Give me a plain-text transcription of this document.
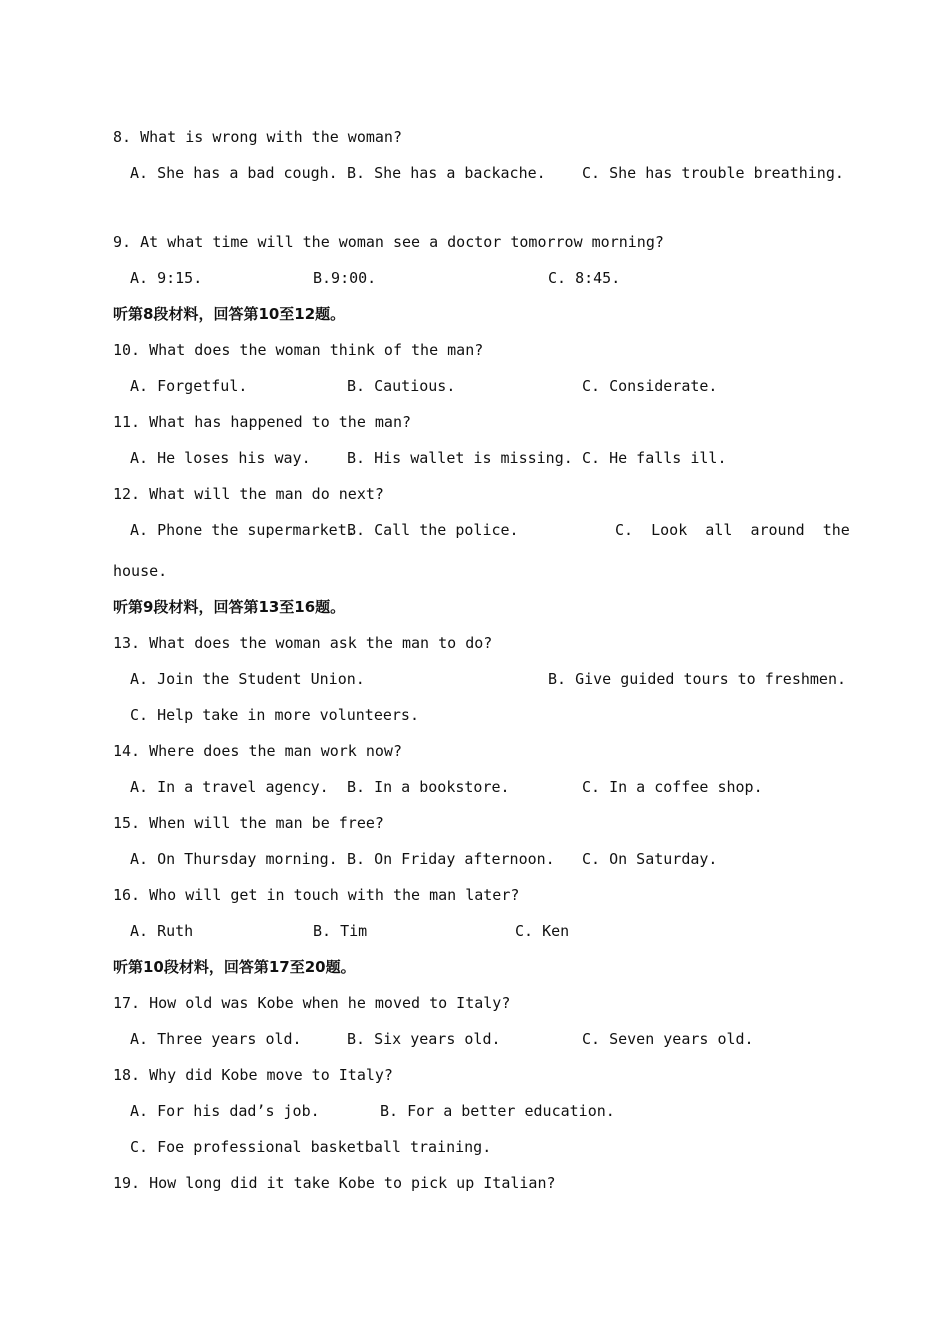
8. What is wrong with the woman?
A. She has a bad cough. B. She has a backache. C. She has trouble breathing.
9. At what time will the woman see a doctor tomorrow morning?
A. 9:15.	B.9:00.	C. 8:45.
听第8段材料，回答第10至12题。
10. What does the woman think of the man?
A. Forgetful.	B. Cautious.	C. Considerate.
11. What has happened to the man?
A. He loses his way. B. His wallet is missing. C. He falls ill.
12. What will the man do next?
A. Phone the supermarket.
B. Call the police.	C.  Look  all  around  the
house.
听第9段材料，回答第13至16题。
13. What does the woman ask the man to do?
A. Join the Student Union.	B. Give guided tours to freshmen.
C. Help take in more volunteers.
14. Where does the man work now?
A. In a travel agency. B. In a bookstore.	C. In a coffee shop.
15. When will the man be free?
A. On Thursday morning. B. On Friday afternoon. C. On Saturday.
16. Who will get in touch with the man later?
A. Ruth	B. Tim	C. Ken
听第10段材料，回答第17至20题。
17. How old was Kobe when he moved to Italy?
A. Three years old.	B. Six years old.	C. Seven years old.
18. Why did Kobe move to Italy?
A. For his dad’s job.	B. For a better education.
C. Foe professional basketball training.
19. How long did it take Kobe to pick up Italian?
